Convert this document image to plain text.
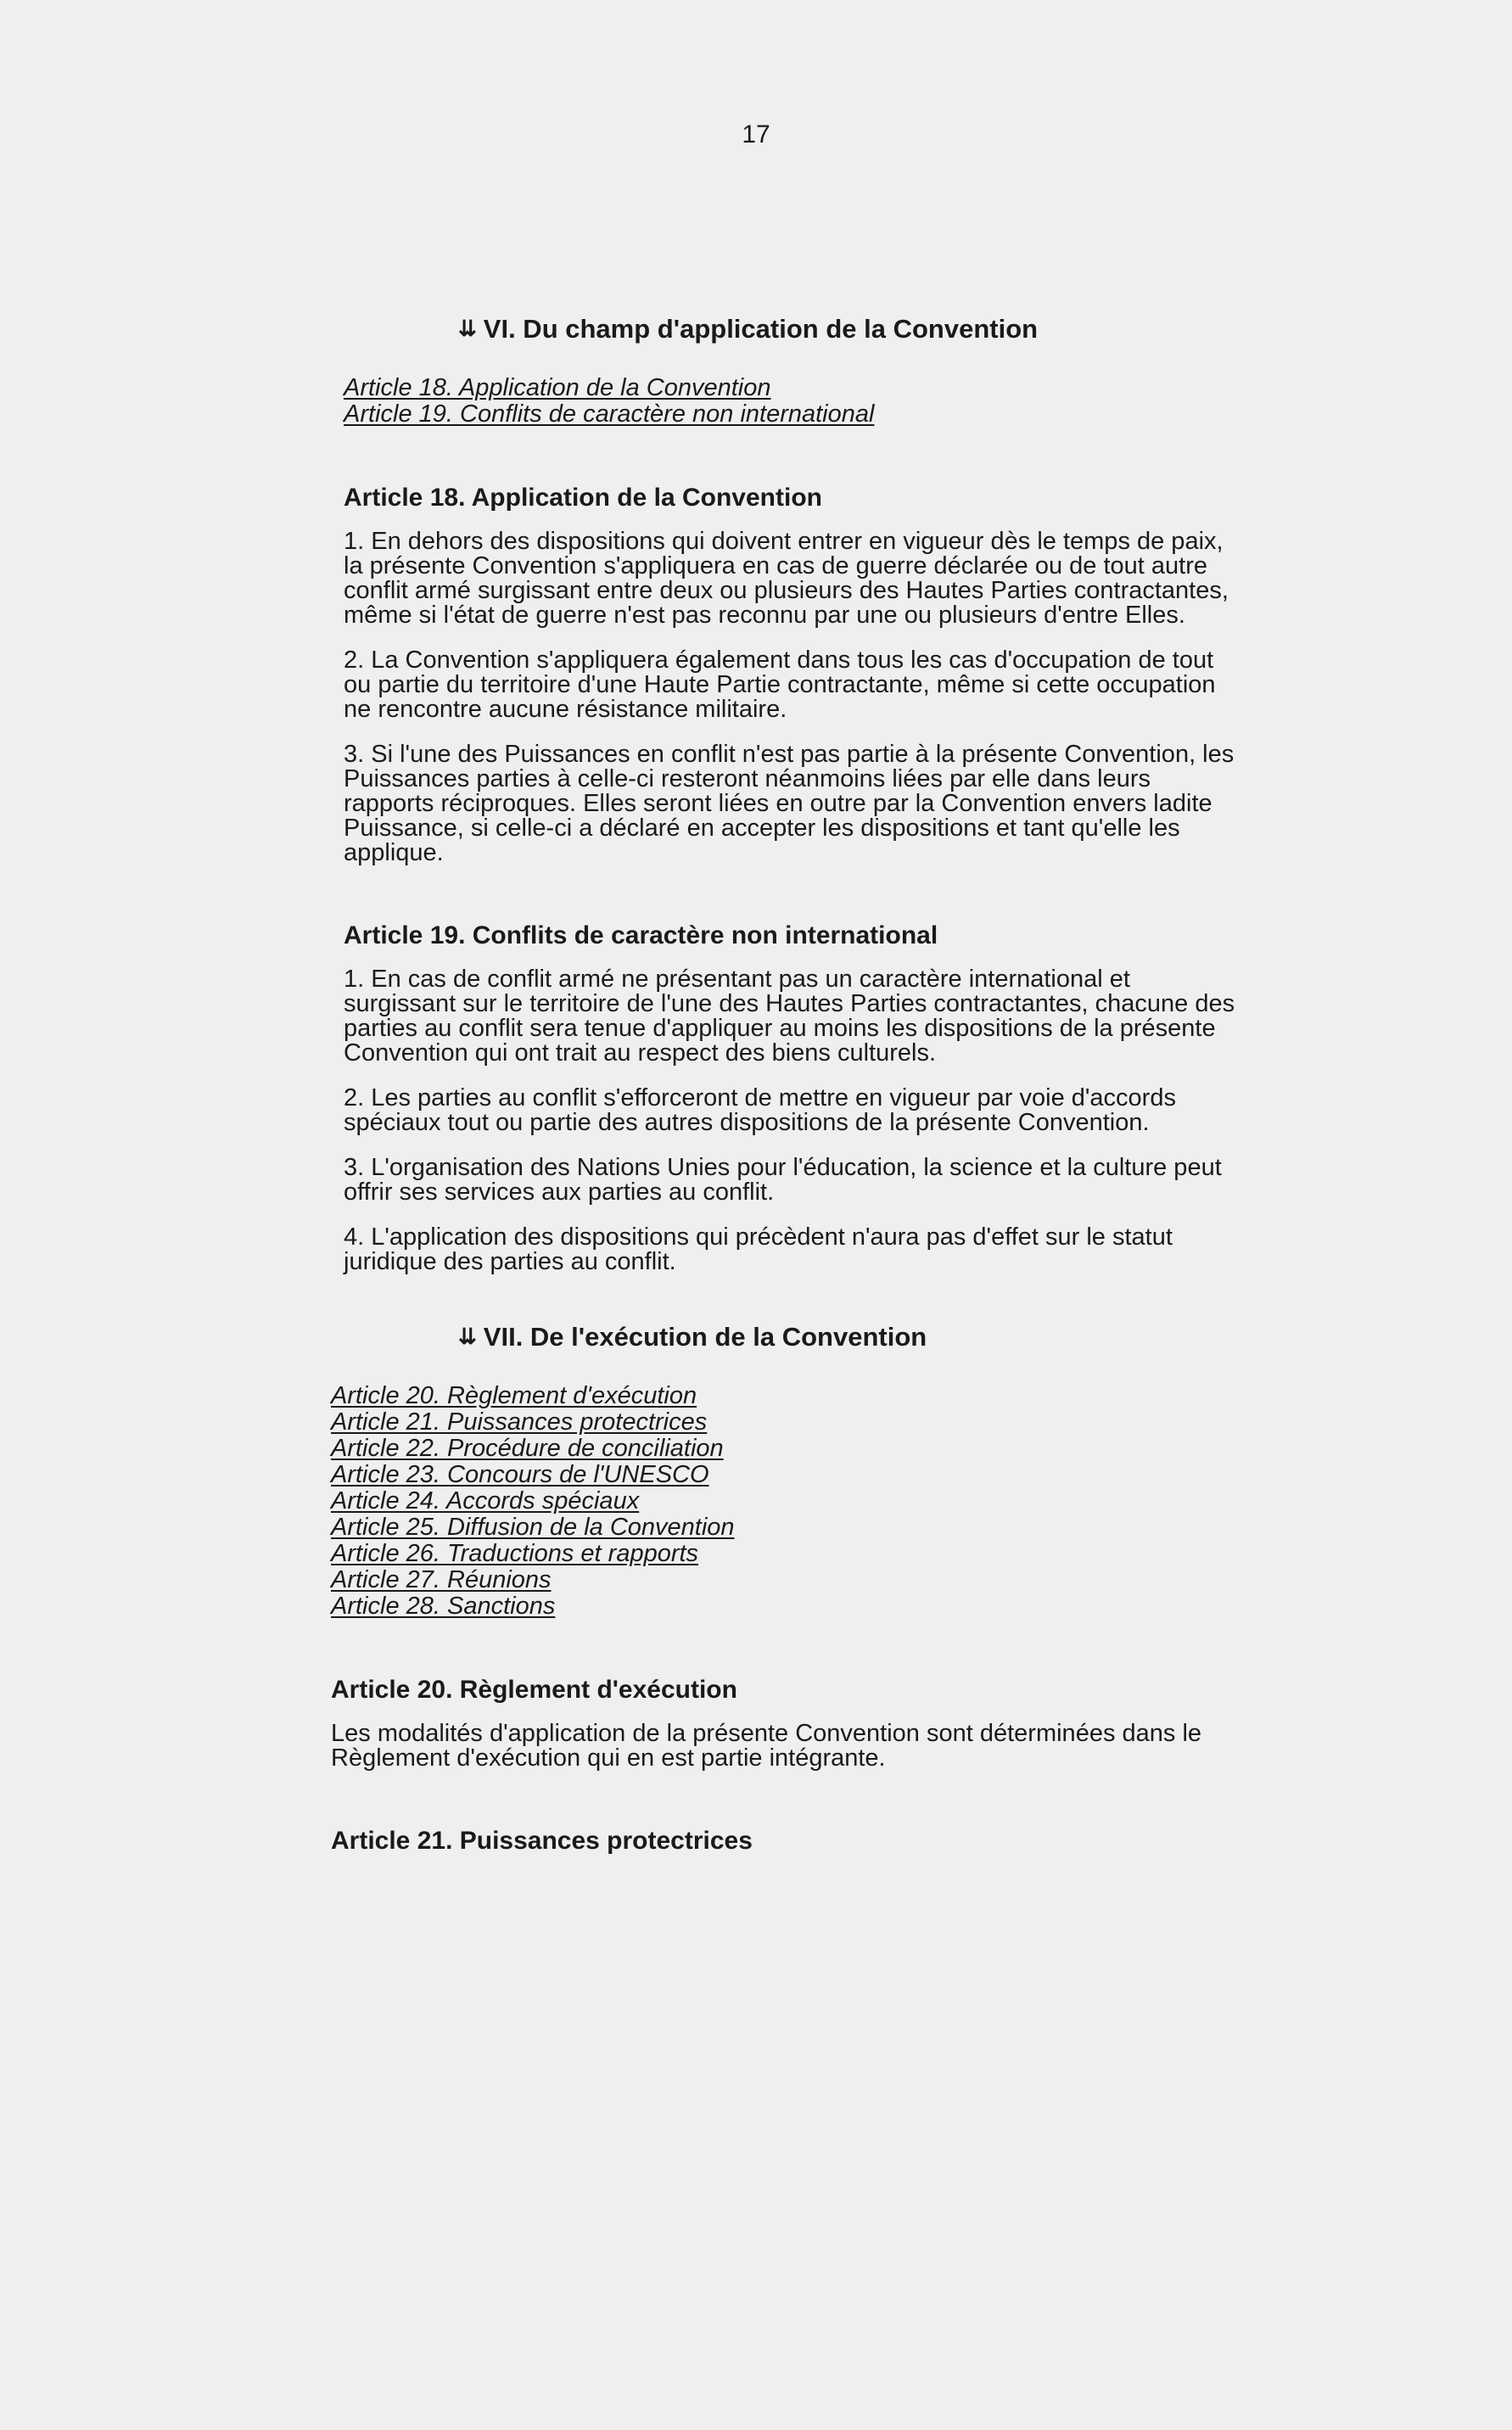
17
⇊ VI. Du champ d'application de la Convention
Article 18. Application de la Convention
Article 19. Conflits de caractère non international
Article 18. Application de la Convention

1. En dehors des dispositions qui doivent entrer en vigueur dès le temps de paix, la présente Convention s'appliquera en cas de guerre déclarée ou de tout autre conflit armé surgissant entre deux ou plusieurs des Hautes Parties contractantes, même si l'état de guerre n'est pas reconnu par une ou plusieurs d'entre Elles.

2. La Convention s'appliquera également dans tous les cas d'occupation de tout ou partie du territoire d'une Haute Partie contractante, même si cette occupation ne rencontre aucune résistance militaire.

3. Si l'une des Puissances en conflit n'est pas partie à la présente Convention, les Puissances parties à celle-ci resteront néanmoins liées par elle dans leurs rapports réciproques. Elles seront liées en outre par la Convention envers ladite Puissance, si celle-ci a déclaré en accepter les dispositions et tant qu'elle les applique.

Article 19. Conflits de caractère non international

1. En cas de conflit armé ne présentant pas un caractère international et surgissant sur le territoire de l'une des Hautes Parties contractantes, chacune des parties au conflit sera tenue d'appliquer au moins les dispositions de la présente Convention qui ont trait au respect des biens culturels.

2. Les parties au conflit s'efforceront de mettre en vigueur par voie d'accords spéciaux tout ou partie des autres dispositions de la présente Convention.

3. L'organisation des Nations Unies pour l'éducation, la science et la culture peut offrir ses services aux parties au conflit.

4. L'application des dispositions qui précèdent n'aura pas d'effet sur le statut juridique des parties au conflit.

⇊ VII. De l'exécution de la Convention
Article 20. Règlement d'exécution
Article 21. Puissances protectrices
Article 22. Procédure de conciliation
Article 23. Concours de l'UNESCO
Article 24. Accords spéciaux
Article 25. Diffusion de la Convention
Article 26. Traductions et rapports
Article 27. Réunions
Article 28. Sanctions
Article 20. Règlement d'exécution

Les modalités d'application de la présente Convention sont déterminées dans le Règlement d'exécution qui en est partie intégrante.

Article 21. Puissances protectrices
